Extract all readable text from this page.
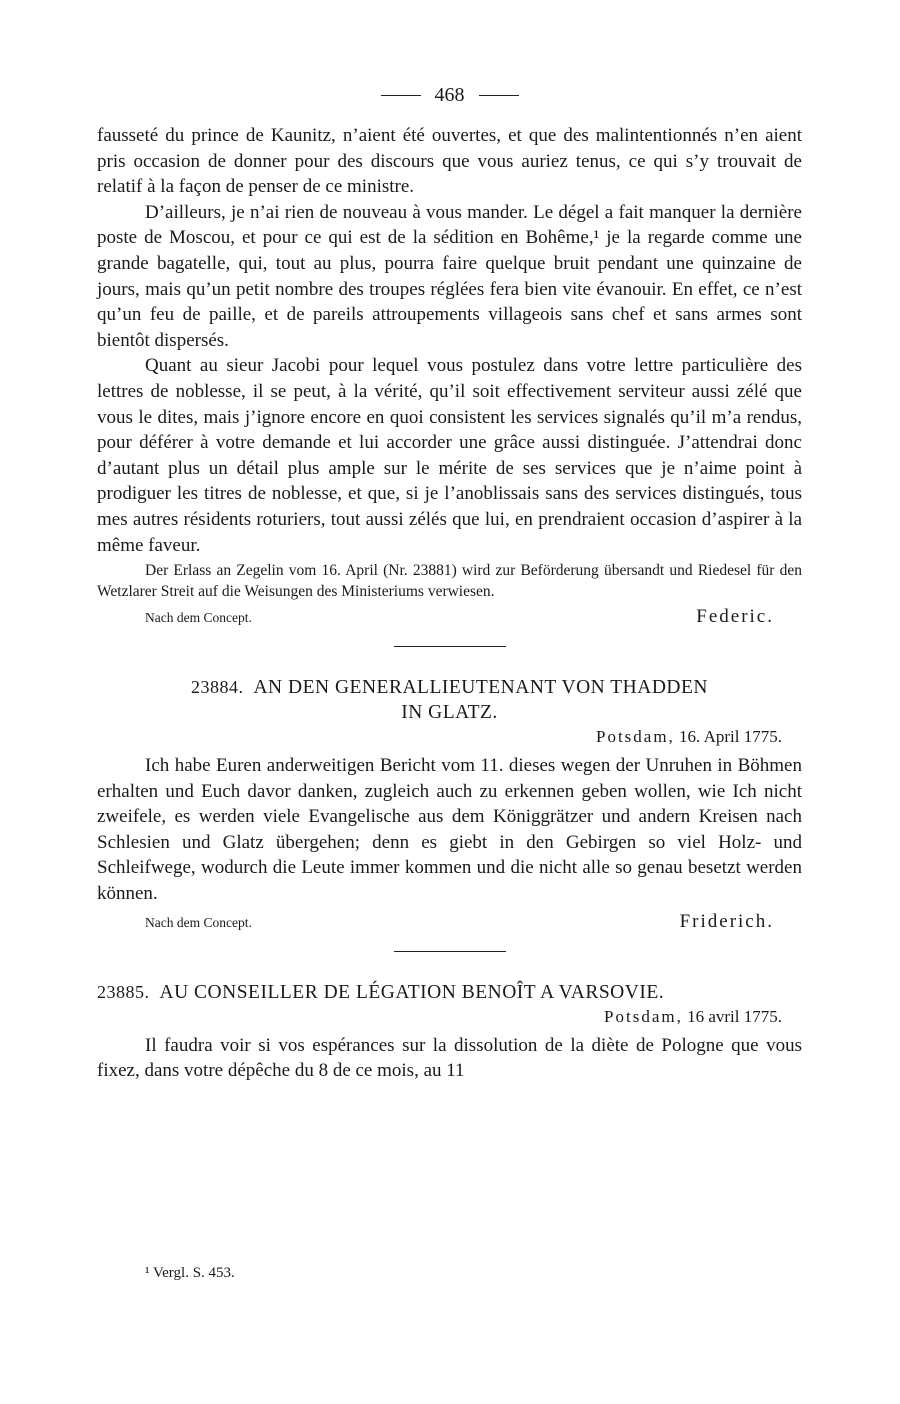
468

fausseté du prince de Kaunitz, n’aient été ouvertes, et que des malintentionnés n’en aient pris occasion de donner pour des discours que vous auriez tenus, ce qui s’y trouvait de relatif à la façon de penser de ce ministre.

D’ailleurs, je n’ai rien de nouveau à vous mander. Le dégel a fait manquer la dernière poste de Moscou, et pour ce qui est de la sédition en Bohême,¹ je la regarde comme une grande bagatelle, qui, tout au plus, pourra faire quelque bruit pendant une quinzaine de jours, mais qu’un petit nombre des troupes réglées fera bien vite évanouir. En effet, ce n’est qu’un feu de paille, et de pareils attroupements villageois sans chef et sans armes sont bientôt dispersés.

Quant au sieur Jacobi pour lequel vous postulez dans votre lettre particulière des lettres de noblesse, il se peut, à la vérité, qu’il soit effectivement serviteur aussi zélé que vous le dites, mais j’ignore encore en quoi consistent les services signalés qu’il m’a rendus, pour déférer à votre demande et lui accorder une grâce aussi distinguée. J’attendrai donc d’autant plus un détail plus ample sur le mérite de ses services que je n’aime point à prodiguer les titres de noblesse, et que, si je l’anoblissais sans des services distingués, tous mes autres résidents roturiers, tout aussi zélés que lui, en prendraient occasion d’aspirer à la même faveur.

Der Erlass an Zegelin vom 16. April (Nr. 23881) wird zur Beförderung übersandt und Riedesel für den Wetzlarer Streit auf die Weisungen des Ministeriums verwiesen.

Nach dem Concept.	Federic.
23884. AN DEN GENERALLIEUTENANT VON THADDEN
IN GLATZ.
Potsdam, 16. April 1775.

Ich habe Euren anderweitigen Bericht vom 11. dieses wegen der Unruhen in Böhmen erhalten und Euch davor danken, zugleich auch zu erkennen geben wollen, wie Ich nicht zweifele, es werden viele Evangelische aus dem Königgrätzer und andern Kreisen nach Schlesien und Glatz übergehen; denn es giebt in den Gebirgen so viel Holz- und Schleifwege, wodurch die Leute immer kommen und die nicht alle so genau besetzt werden können.

Nach dem Concept.	Friderich.
23885. AU CONSEILLER DE LÉGATION BENOÎT A VARSOVIE.
Potsdam, 16 avril 1775.

Il faudra voir si vos espérances sur la dissolution de la diète de Pologne que vous fixez, dans votre dépêche du 8 de ce mois, au 11

¹ Vergl. S. 453.
